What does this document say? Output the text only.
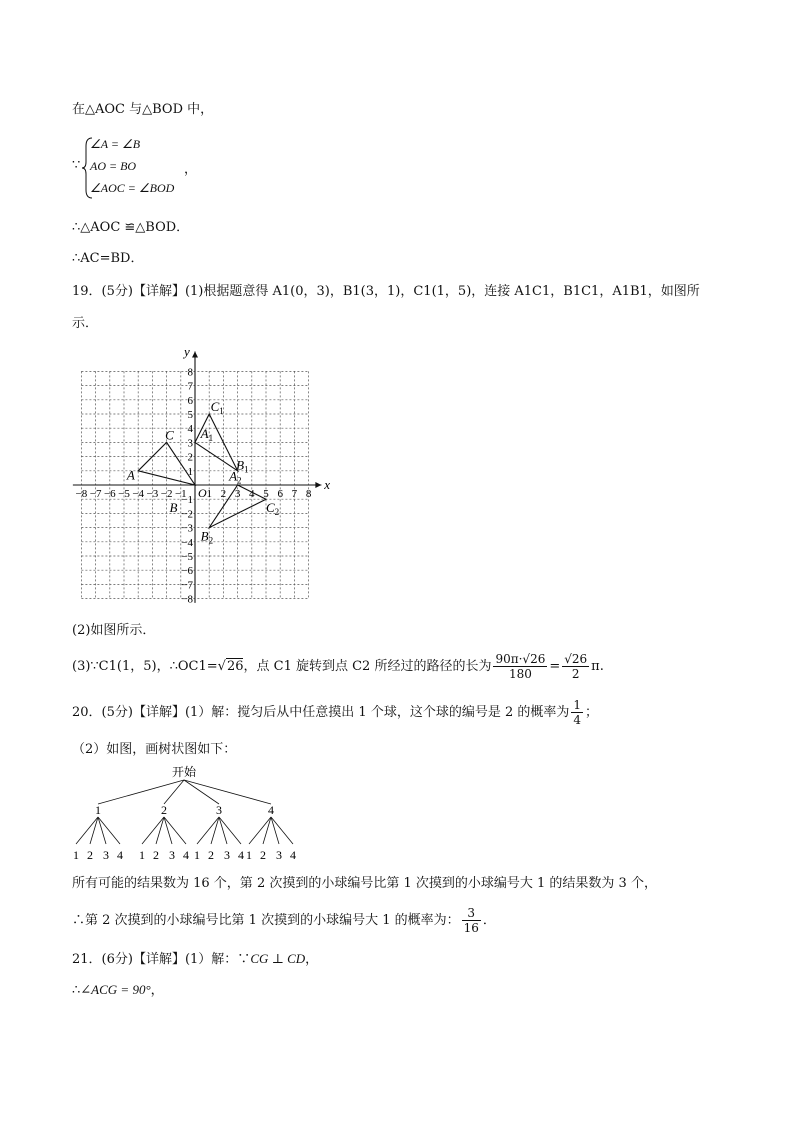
在△AOC 与△BOD 中，
∵
∠A = ∠B
AO = BO
∠AOC = ∠BOD
，
∴△AOC ≌△BOD．
∴AC=BD．
19．(5分)【详解】(1)根据题意得 A1(0，3)，B1(3，1)，C1(1，5)，连接 A1C1，B1C1，A1B1，如图所
示．
x
y
O
−8 −7 −6 −5 −4 −3 −2 −1 1 2 3 4 5 6 7 8
8
7
6
5
4
3
2
1
−1
−2
−3
−4
−5
−6
−7
−8
A
C
B
$A_1$
$C_1$
$B_1$
$A_2$
$C_2$
$B_2$
(2)如图所示．
(3)∵C1(1，5)，∴OC1=√26，点 C1 旋转到点 C2 所经过的路径的长为 $\frac{90\pi\cdot√26}{180} = \frac{√26}{2} \pi$.
20．(5分)【详解】(1）解：搅匀后从中任意摸出 1 个球，这个球的编号是 2 的概率为 $\frac{1}{4}$ ；
（2）如图，画树状图如下：
开始
1
1 2 3 4
2
1 2 3 4
3
1 2 3 4
4
1 2 3 4
所有可能的结果数为 16 个，第 2 次摸到的小球编号比第 1 次摸到的小球编号大 1 的结果数为 3 个，
∴第 2 次摸到的小球编号比第 1 次摸到的小球编号大 1 的概率为： $\frac{3}{16}$ ．
21．(6分)【详解】(1）解：∵CG ⊥ CD，
∴∠ACG = 90°，
